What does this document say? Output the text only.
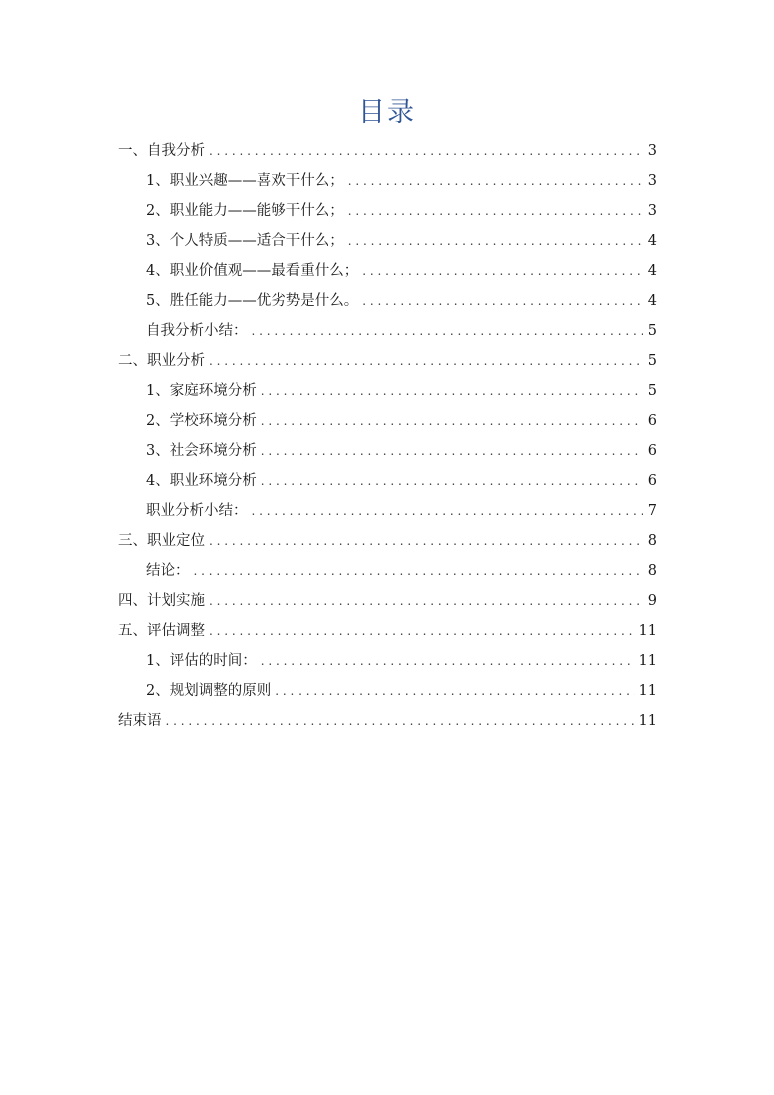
目录
一、自我分析 . . .	3
1、职业兴趣——喜欢干什么； . . .	3
2、职业能力——能够干什么； . . .	3
3、个人特质——适合干什么； . . .	4
4、职业价值观——最看重什么； . . .	4
5、胜任能力——优劣势是什么。 . . .	4
自我分析小结： . . .	5
二、职业分析 . . .	5
1、家庭环境分析 . . .	5
2、学校环境分析 . . .	6
3、社会环境分析 . . .	6
4、职业环境分析 . . .	6
职业分析小结： . . .	7
三、职业定位 . . .	8
结论： . . .	8
四、计划实施 . . .	9
五、评估调整 . . .	11
1、评估的时间： . . .	11
2、规划调整的原则 . . .	11
结束语 . . .	11
